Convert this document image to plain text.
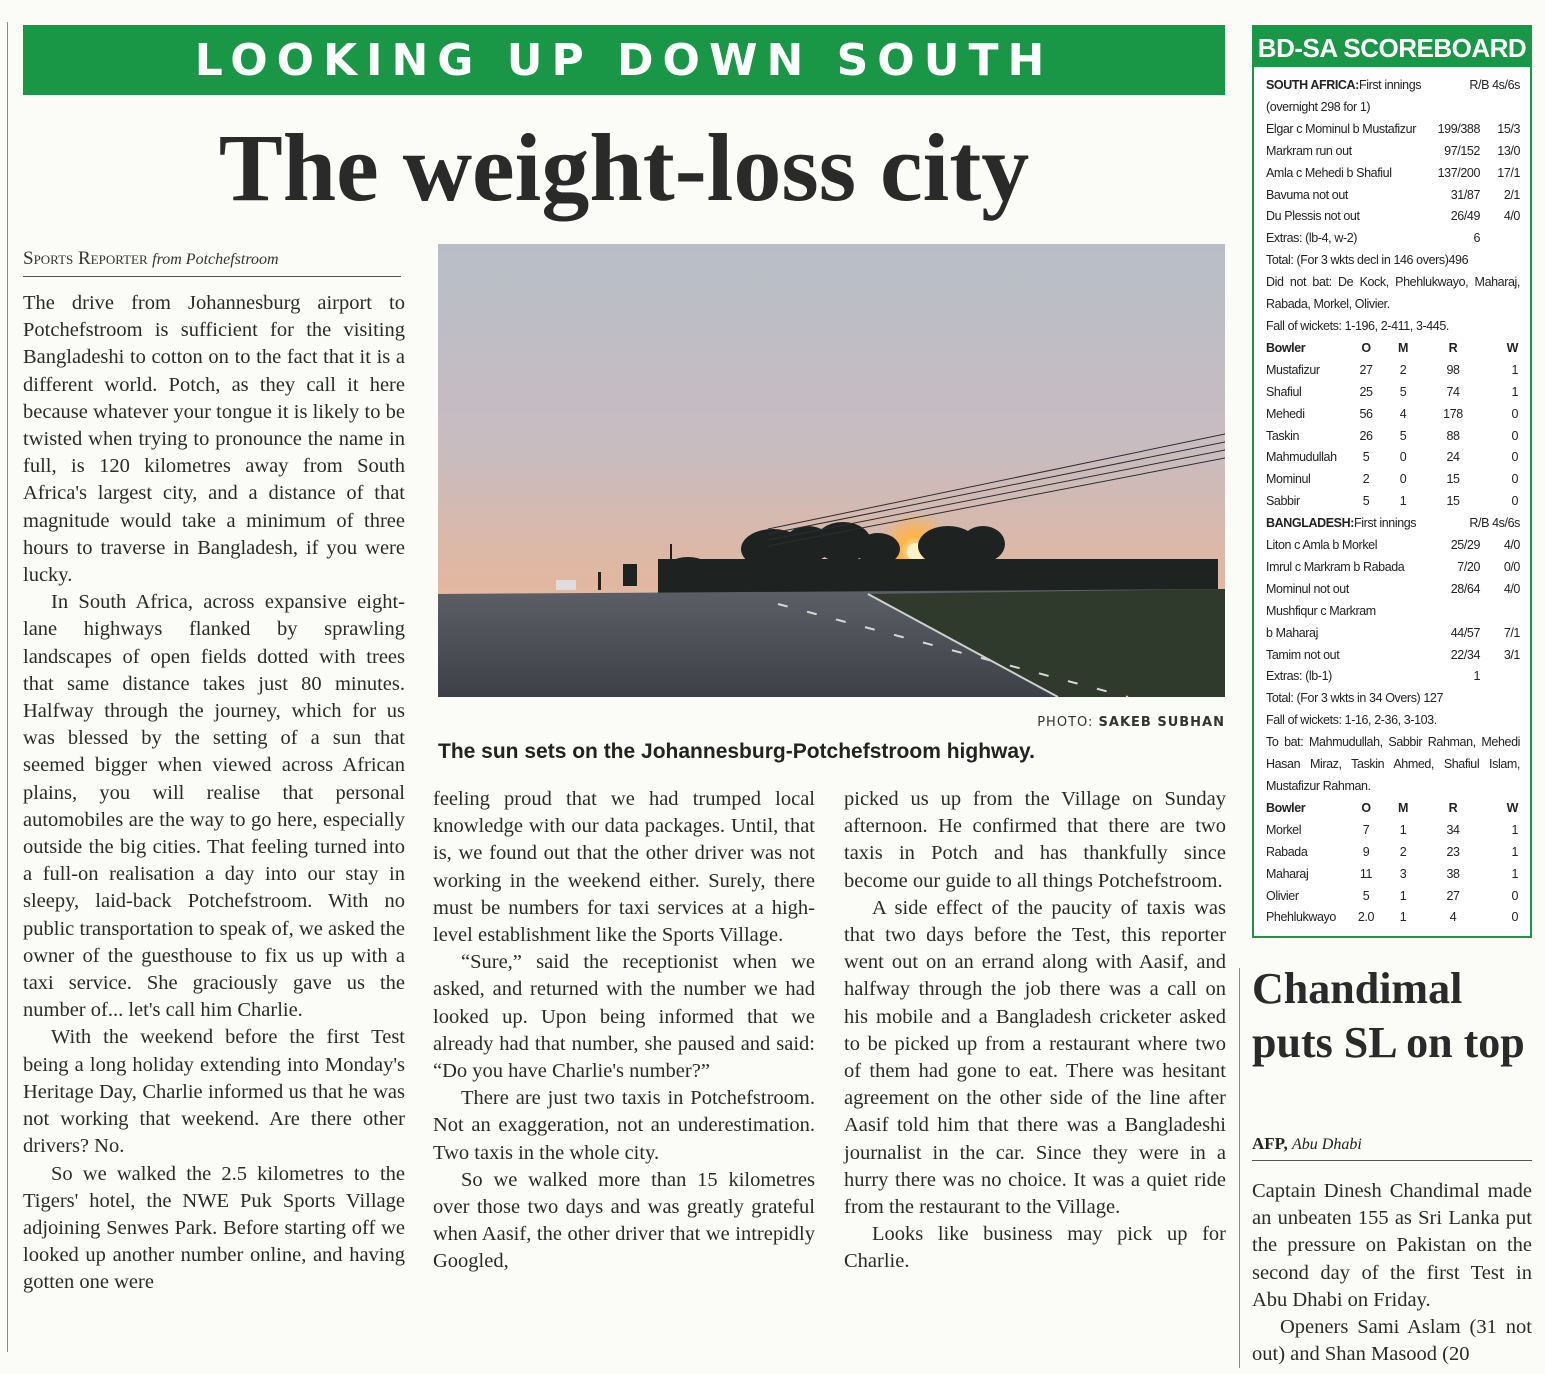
LOOKING UP DOWN SOUTH
The weight-loss city
Sports Reporter from Potchefstroom

The drive from Johannesburg airport to Potchefstroom is sufficient for the visiting Bangladeshi to cotton on to the fact that it is a different world. Potch, as they call it here because whatever your tongue it is likely to be twisted when trying to pronounce the name in full, is 120 kilometres away from South Africa's largest city, and a distance of that magnitude would take a minimum of three hours to traverse in Bangladesh, if you were lucky.

In South Africa, across expansive eight-lane highways flanked by sprawling landscapes of open fields dotted with trees that same distance takes just 80 minutes. Halfway through the journey, which for us was blessed by the setting of a sun that seemed bigger when viewed across African plains, you will realise that personal automobiles are the way to go here, especially outside the big cities. That feeling turned into a full-on realisation a day into our stay in sleepy, laid-back Potchefstroom. With no public transportation to speak of, we asked the owner of the guesthouse to fix us up with a taxi service. She graciously gave us the number of... let's call him Charlie.

With the weekend before the first Test being a long holiday extending into Monday's Heritage Day, Charlie informed us that he was not working that weekend. Are there other drivers? No.

So we walked the 2.5 kilometres to the Tigers' hotel, the NWE Puk Sports Village adjoining Senwes Park. Before starting off we looked up another number online, and having gotten one were

PHOTO: SAKEB SUBHAN
The sun sets on the Johannesburg-Potchefstroom highway.

feeling proud that we had trumped local knowledge with our data packages. Until, that is, we found out that the other driver was not working in the weekend either. Surely, there must be numbers for taxi services at a high-level establishment like the Sports Village.

“Sure,” said the receptionist when we asked, and returned with the number we had looked up. Upon being informed that we already had that number, she paused and said: “Do you have Charlie's number?”

There are just two taxis in Potchefstroom. Not an exaggeration, not an underestimation. Two taxis in the whole city.

So we walked more than 15 kilometres over those two days and was greatly grateful when Aasif, the other driver that we intrepidly Googled,

picked us up from the Village on Sunday afternoon. He confirmed that there are two taxis in Potch and has thankfully since become our guide to all things Potchefstroom.

A side effect of the paucity of taxis was that two days before the Test, this reporter went out on an errand along with Aasif, and halfway through the job there was a call on his mobile and a Bangladesh cricketer asked to be picked up from a restaurant where two of them had gone to eat. There was hesitant agreement on the other side of the line after Aasif told him that there was a Bangladeshi journalist in the car. Since they were in a hurry there was no choice. It was a quiet ride from the restaurant to the Village.

Looks like business may pick up for Charlie.

BD-SA SCOREBOARD
SOUTH AFRICA:First innings	R/B 4s/6s
(overnight 298 for 1)
Elgar c Mominul b Mustafizur	199/388	15/3
Markram run out	97/152	13/0
Amla c Mehedi b Shafiul	137/200	17/1
Bavuma not out	31/87	2/1
Du Plessis not out	26/49	4/0
Extras: (lb-4, w-2)	6
Total: (For 3 wkts decl in 146 overs)496
Did not bat: De Kock, Phehlukwayo, Maharaj, Rabada, Morkel, Olivier.
Fall of wickets: 1-196, 2-411, 3-445.
Bowler	O	M	R	W
Mustafizur	27	2	98	1
Shafiul	25	5	74	1
Mehedi	56	4	178	0
Taskin	26	5	88	0
Mahmudullah	5	0	24	0
Mominul	2	0	15	0
Sabbir	5	1	15	0
BANGLADESH:First innings	R/B 4s/6s
Liton c Amla b Morkel	25/29	4/0
Imrul c Markram b Rabada	7/20	0/0
Mominul not out	28/64	4/0
Mushfiqur c Markram
b Maharaj	44/57	7/1
Tamim not out	22/34	3/1
Extras: (lb-1)	1
Total: (For 3 wkts in 34 Overs) 127
Fall of wickets: 1-16, 2-36, 3-103.
To bat: Mahmudullah, Sabbir Rahman, Mehedi Hasan Miraz, Taskin Ahmed, Shafiul Islam, Mustafizur Rahman.
Bowler	O	M	R	W
Morkel	7	1	34	1
Rabada	9	2	23	1
Maharaj	11	3	38	1
Olivier	5	1	27	0
Phehlukwayo	2.0	1	4	0
Chandimal puts SL on top
AFP, Abu Dhabi

Captain Dinesh Chandimal made an unbeaten 155 as Sri Lanka put the pressure on Pakistan on the second day of the first Test in Abu Dhabi on Friday.

Openers Sami Aslam (31 not out) and Shan Masood (20
